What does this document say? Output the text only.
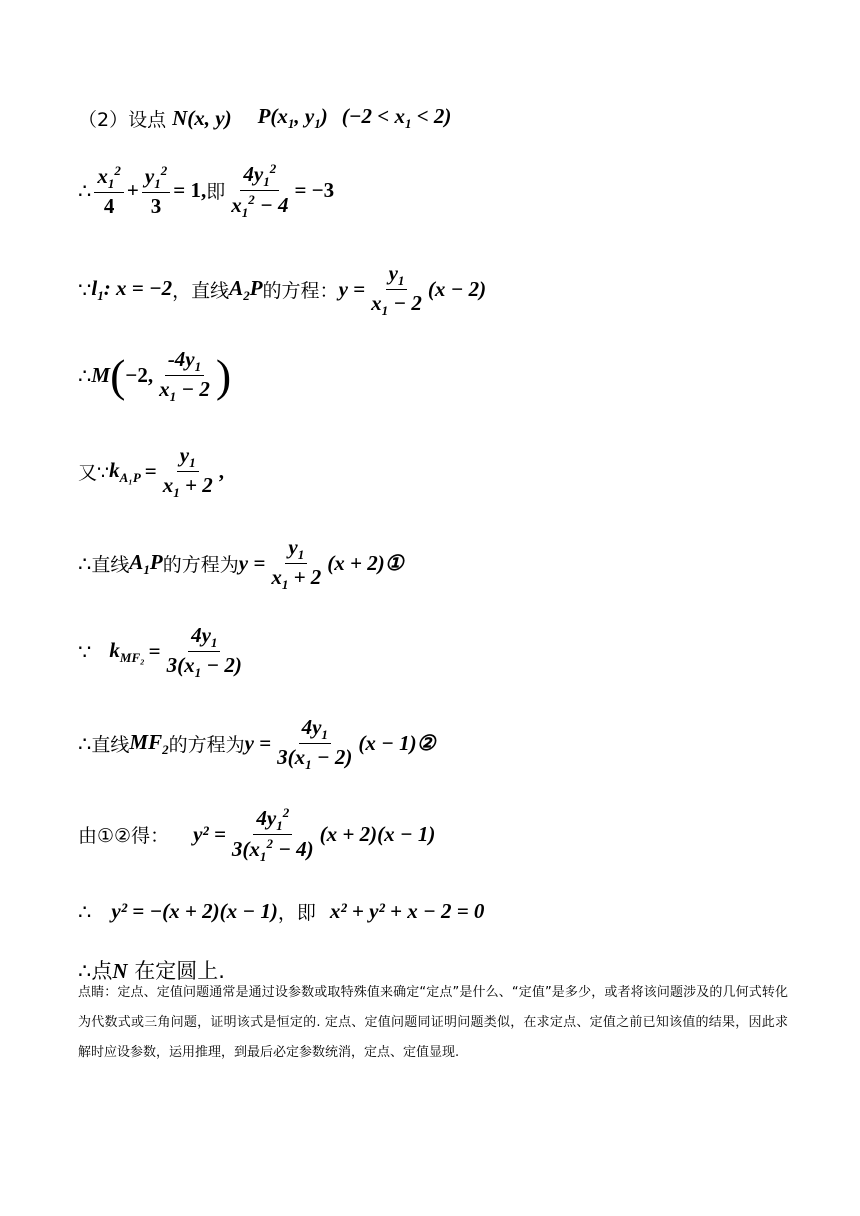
（2）设点 N(x, y) $P(x_1$, $y_1$) $(-2 < x_1 < 2)$
∴ $\frac{x_1^2}{4} + \frac{y_1^2}{3} = 1$, 即 $\frac{4y_1^2}{x_1^2 - 4} = -3$
∵ $l_1$: x = −2 ，直线 $A_2P$ 的方程： $y = \frac{y_1}{x_1 - 2} (x - 2)$
∴ M ( −2, $\frac{-4y_1}{x_1 - 2}$ )
又∵ $k_{A_1P} = \frac{y_1}{x_1 + 2}$ ,
∴ 直线 $A_1P$ 的方程为 $y = \frac{y_1}{x_1 + 2} (x$ + 2)①
∵ $k_{MF_2} = \frac{4y_1}{3(x_1 - 2)}$
∴ 直线 $MF_2$ 的方程为 $y = \frac{4y_1}{3(x_1 - 2)} (x$ − 1)②
由①②得： $y^2 = \frac{4y_1^2}{3(x_1^2 - 4)} (x + 2)(x - 1)$
∴ y² = −(x + 2)(x − 1) ，即 x² + y² + x − 2 = 0
∴点N 在定圆上.
点睛：定点、定值问题通常是通过设参数或取特殊值来确定“定点”是什么、“定值”是多少，或者将该问题涉及的几何式转化为代数式或三角问题，证明该式是恒定的. 定点、定值问题同证明问题类似，在求定点、定值之前已知该值的结果，因此求解时应设参数，运用推理，到最后必定参数统消，定点、定值显现.
